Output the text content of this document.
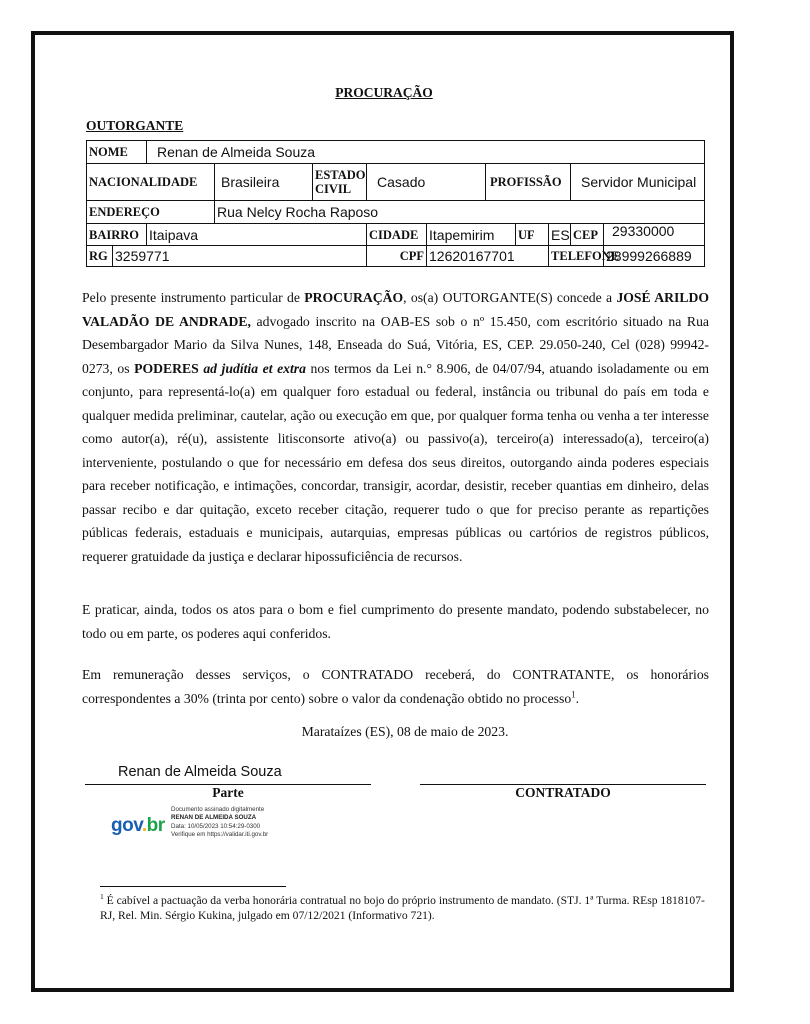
PROCURAÇÃO
OUTORGANTE
NOME		Renan de Almeida Souza									
NACIONALIDADE			Brasileira	ESTADO CIVIL	Casado		PROFISSÃO			Servidor Municipal	
ENDEREÇO			Rua Nelcy Rocha Raposo								
BAIRRO		Itaipava			CIDADE	Itapemirim		UF	ES	CEP	29330000
RG	3259771				CPF	12620167701			TELEFONE		28999266889
Pelo presente instrumento particular de PROCURAÇÃO, os(a) OUTORGANTE(S) concede a JOSÉ ARILDO VALADÃO DE ANDRADE, advogado inscrito na OAB-ES sob o nº 15.450, com escritório situado na Rua Desembargador Mario da Silva Nunes, 148, Enseada do Suá, Vitória, ES, CEP. 29.050-240, Cel (028) 99942-0273, os PODERES ad judítia et extra nos termos da Lei n.° 8.906, de 04/07/94, atuando isoladamente ou em conjunto, para representá-lo(a) em qualquer foro estadual ou federal, instância ou tribunal do país em toda e qualquer medida preliminar, cautelar, ação ou execução em que, por qualquer forma tenha ou venha a ter interesse como autor(a), ré(u), assistente litisconsorte ativo(a) ou passivo(a), terceiro(a) interessado(a), terceiro(a) interveniente, postulando o que for necessário em defesa dos seus direitos, outorgando ainda poderes especiais para receber notificação, e intimações, concordar, transigir, acordar, desistir, receber quantias em dinheiro, delas passar recibo e dar quitação, exceto receber citação, requerer tudo o que for preciso perante as repartições públicas federais, estaduais e municipais, autarquias, empresas públicas ou cartórios de registros públicos, requerer gratuidade da justiça e declarar hipossuficiência de recursos.
E praticar, ainda, todos os atos para o bom e fiel cumprimento do presente mandato, podendo substabelecer, no todo ou em parte, os poderes aqui conferidos.
Em remuneração desses serviços, o CONTRATADO receberá, do CONTRATANTE, os honorários correspondentes a 30% (trinta por cento) sobre o valor da condenação obtido no processo$^1$.
Marataízes (ES), 08 de maio de 2023.
Renan de Almeida Souza
Parte	CONTRATADO
gov.br
Documento assinado digitalmente
RENAN DE ALMEIDA SOUZA
Data: 10/05/2023 10:54:29-0300
Verifique em https://validar.iti.gov.br
$^1$ É cabível a pactuação da verba honorária contratual no bojo do próprio instrumento de mandato. (STJ. 1ª Turma. REsp 1818107-RJ, Rel. Min. Sérgio Kukina, julgado em 07/12/2021 (Informativo 721).
